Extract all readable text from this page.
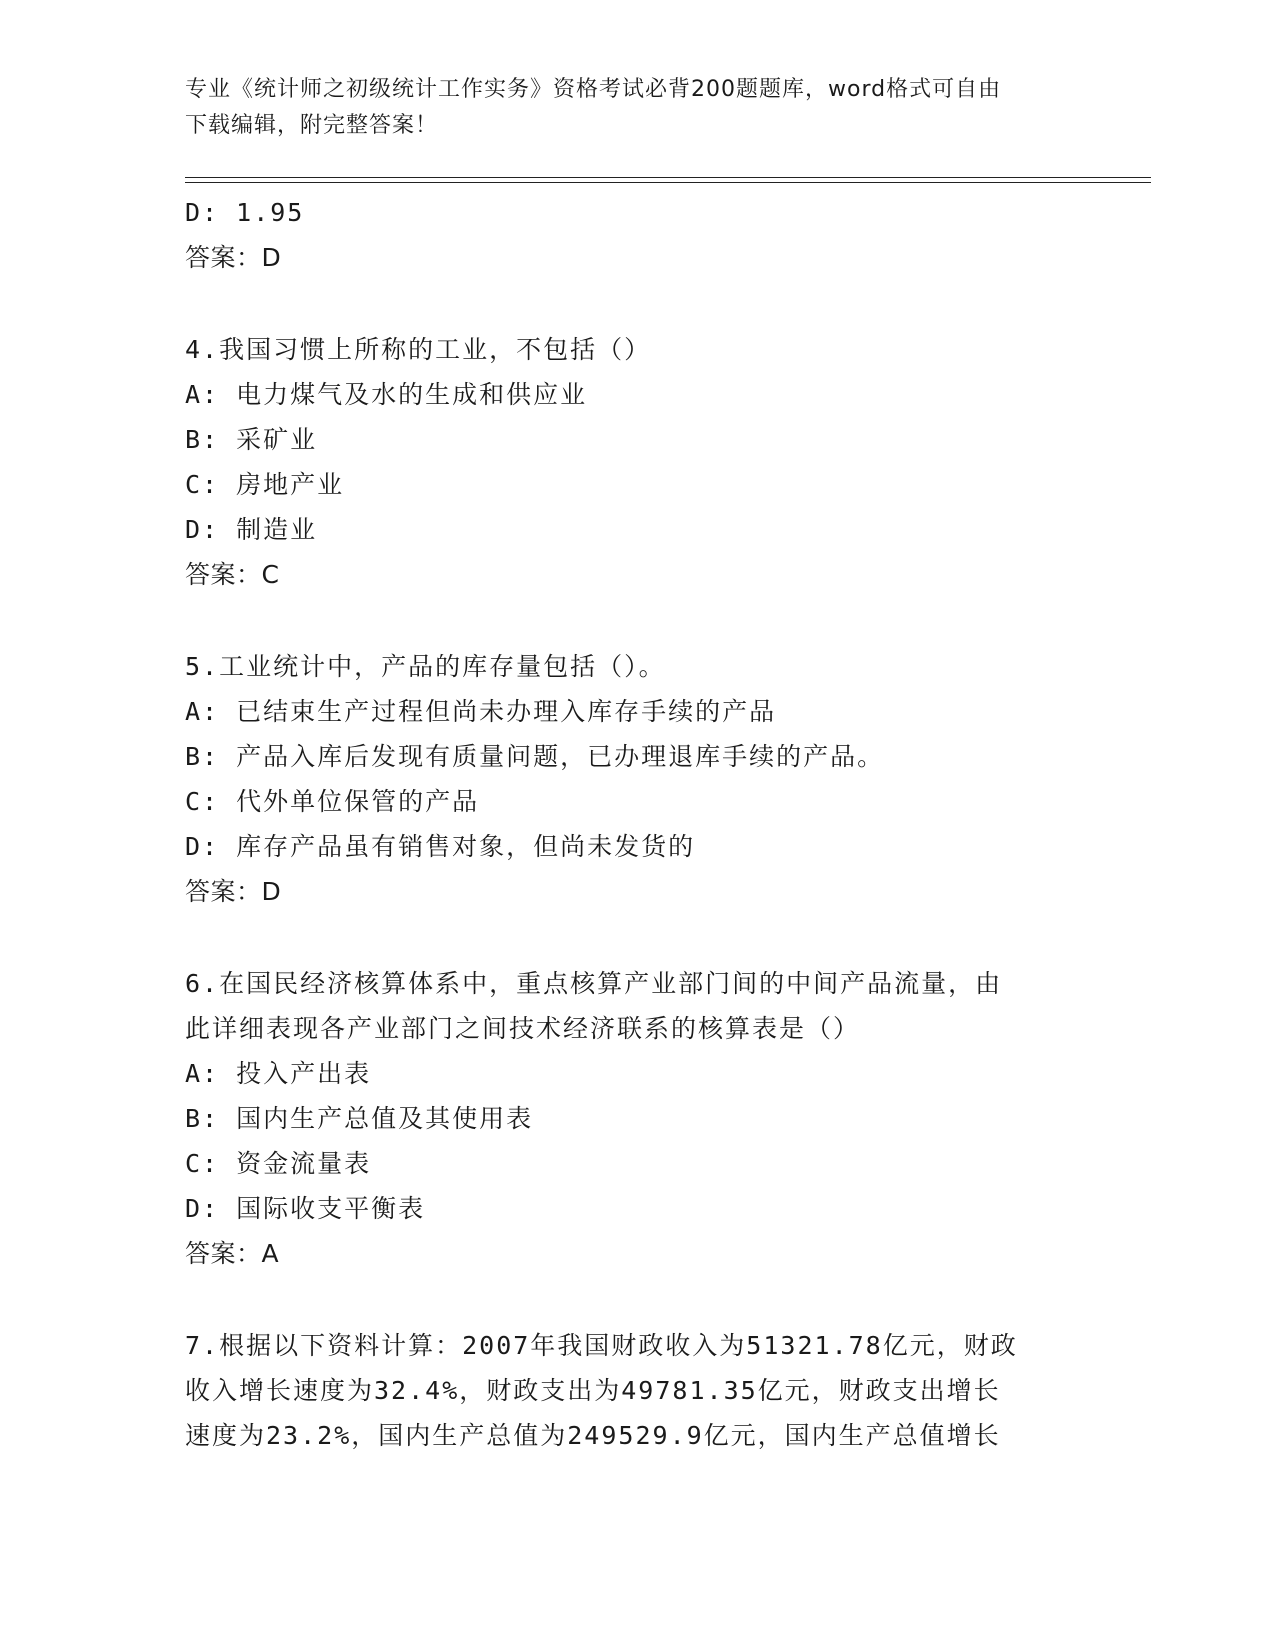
专业《统计师之初级统计工作实务》资格考试必背200题题库，word格式可自由
下载编辑，附完整答案！
D: 1.95
答案：D
4.我国习惯上所称的工业，不包括（）
A: 电力煤气及水的生成和供应业
B: 采矿业
C: 房地产业
D: 制造业
答案：C
5.工业统计中，产品的库存量包括（）。
A: 已结束生产过程但尚未办理入库存手续的产品
B: 产品入库后发现有质量问题，已办理退库手续的产品。
C: 代外单位保管的产品
D: 库存产品虽有销售对象，但尚未发货的
答案：D
6.在国民经济核算体系中，重点核算产业部门间的中间产品流量，由
此详细表现各产业部门之间技术经济联系的核算表是（）
A: 投入产出表
B: 国内生产总值及其使用表
C: 资金流量表
D: 国际收支平衡表
答案：A
7.根据以下资料计算：2007年我国财政收入为51321.78亿元，财政
收入增长速度为32.4%，财政支出为49781.35亿元，财政支出增长
速度为23.2%，国内生产总值为249529.9亿元，国内生产总值增长
